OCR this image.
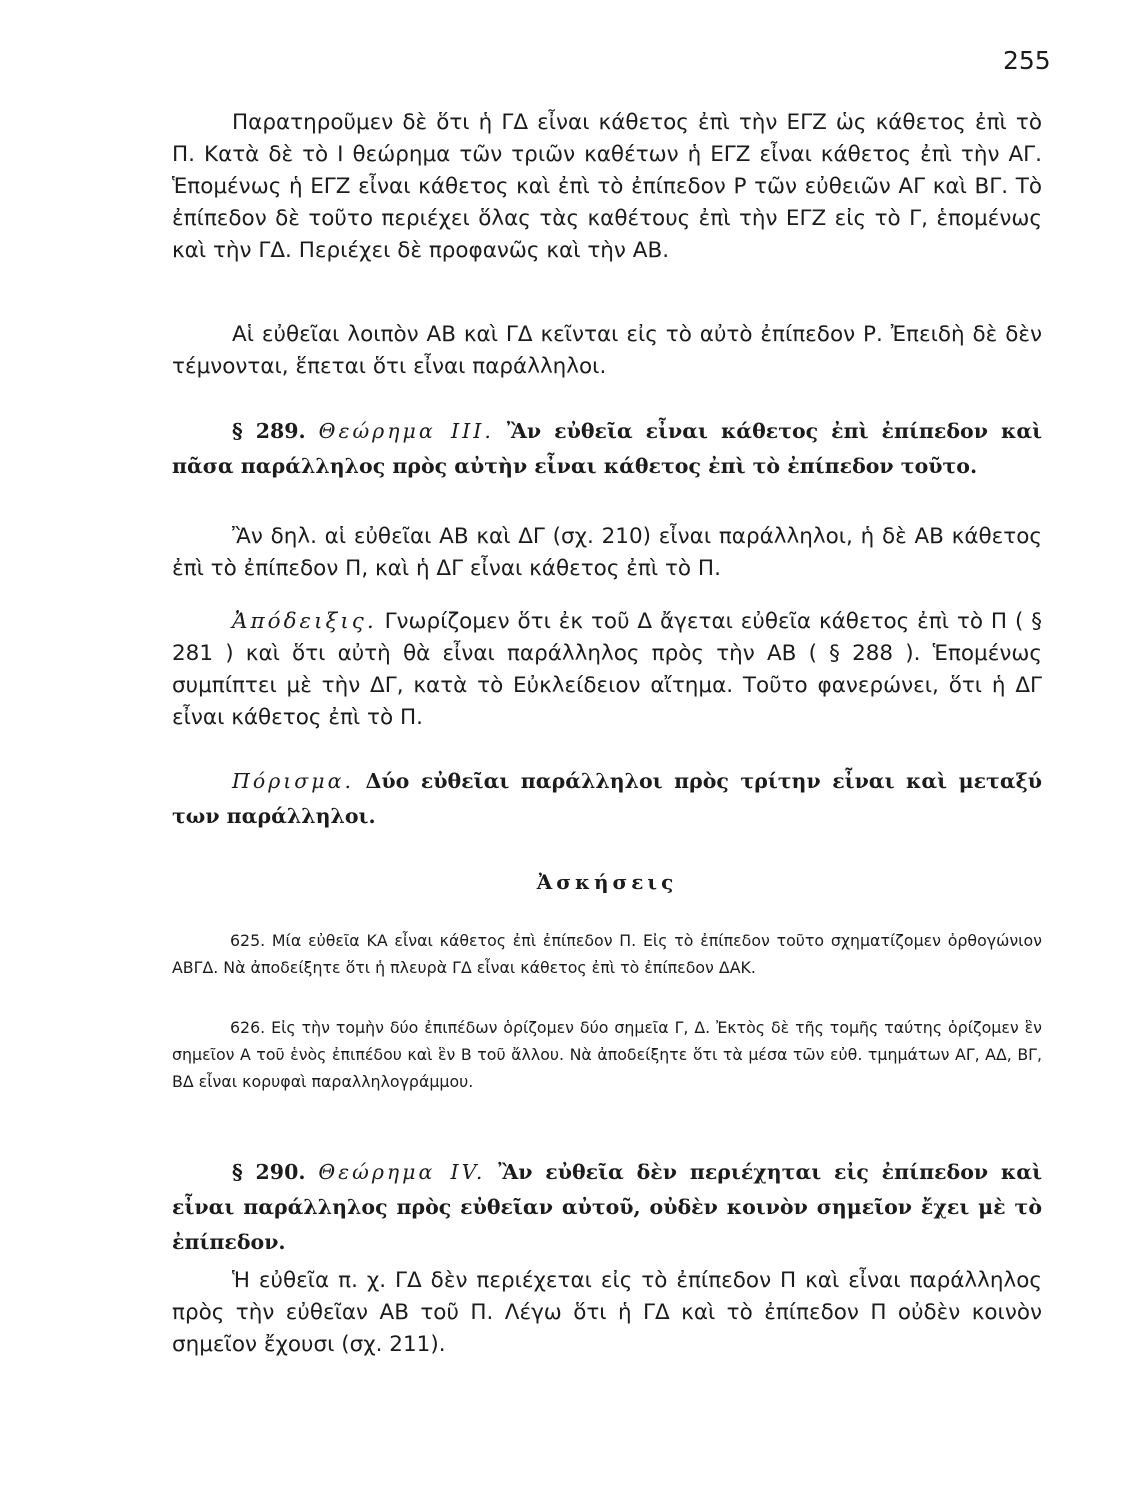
255

Παρατηροῦμεν δὲ ὅτι ἡ ΓΔ εἶναι κάθετος ἐπὶ τὴν ΕΓΖ ὡς κάθετος ἐπὶ τὸ Π. Κατὰ δὲ τὸ Ι θεώρημα τῶν τριῶν καθέτων ἡ ΕΓΖ εἶναι κάθετος ἐπὶ τὴν ΑΓ. Ἑπομένως ἡ ΕΓΖ εἶναι κάθετος καὶ ἐπὶ τὸ ἐπίπεδον Ρ τῶν εὐθειῶν ΑΓ καὶ ΒΓ. Τὸ ἐπίπεδον δὲ τοῦτο περιέχει ὅλας τὰς καθέτους ἐπὶ τὴν ΕΓΖ εἰς τὸ Γ, ἑπομένως καὶ τὴν ΓΔ. Περιέχει δὲ προφανῶς καὶ τὴν ΑΒ.

Αἱ εὐθεῖαι λοιπὸν ΑΒ καὶ ΓΔ κεῖνται εἰς τὸ αὐτὸ ἐπίπεδον Ρ. Ἐπειδὴ δὲ δὲν τέμνονται, ἕπεται ὅτι εἶναι παράλληλοι.

§ 289. Θεώρημα ΙΙΙ. Ἂν εὐθεῖα εἶναι κάθετος ἐπὶ ἐπίπεδον καὶ πᾶσα παράλληλος πρὸς αὐτὴν εἶναι κάθετος ἐπὶ τὸ ἐπίπεδον τοῦτο.

Ἂν δηλ. αἱ εὐθεῖαι ΑΒ καὶ ΔΓ (σχ. 210) εἶναι παράλληλοι, ἡ δὲ ΑΒ κάθετος ἐπὶ τὸ ἐπίπεδον Π, καὶ ἡ ΔΓ εἶναι κάθετος ἐπὶ τὸ Π.

Ἀπόδειξις. Γνωρίζομεν ὅτι ἐκ τοῦ Δ ἄγεται εὐθεῖα κάθετος ἐπὶ τὸ Π ( § 281 ) καὶ ὅτι αὐτὴ θὰ εἶναι παράλληλος πρὸς τὴν ΑΒ ( § 288 ). Ἑπομένως συμπίπτει μὲ τὴν ΔΓ, κατὰ τὸ Εὐκλείδειον αἴτημα. Τοῦτο φανερώνει, ὅτι ἡ ΔΓ εἶναι κάθετος ἐπὶ τὸ Π.

Πόρισμα. Δύο εὐθεῖαι παράλληλοι πρὸς τρίτην εἶναι καὶ μεταξύ των παράλληλοι.

Ἀσκήσεις

625. Μία εὐθεῖα ΚΑ εἶναι κάθετος ἐπὶ ἐπίπεδον Π. Εἰς τὸ ἐπίπεδον τοῦτο σχηματίζομεν ὀρθογώνιον ΑΒΓΔ. Νὰ ἀποδείξητε ὅτι ἡ πλευρὰ ΓΔ εἶναι κάθετος ἐπὶ τὸ ἐπίπεδον ΔΑΚ.

626. Εἰς τὴν τομὴν δύο ἐπιπέδων ὁρίζομεν δύο σημεῖα Γ, Δ. Ἐκτὸς δὲ τῆς τομῆς ταύτης ὁρίζομεν ἓν σημεῖον Α τοῦ ἑνὸς ἐπιπέδου καὶ ἓν Β τοῦ ἄλλου. Νὰ ἀποδείξητε ὅτι τὰ μέσα τῶν εὐθ. τμημάτων ΑΓ, ΑΔ, ΒΓ, ΒΔ εἶναι κορυφαὶ παραλληλογράμμου.

§ 290. Θεώρημα ΙV. Ἂν εὐθεῖα δὲν περιέχηται εἰς ἐπίπεδον καὶ εἶναι παράλληλος πρὸς εὐθεῖαν αὐτοῦ, οὐδὲν κοινὸν σημεῖον ἔχει μὲ τὸ ἐπίπεδον.

Ἡ εὐθεῖα π. χ. ΓΔ δὲν περιέχεται εἰς τὸ ἐπίπεδον Π καὶ εἶναι παράλληλος πρὸς τὴν εὐθεῖαν ΑΒ τοῦ Π. Λέγω ὅτι ἡ ΓΔ καὶ τὸ ἐπίπεδον Π οὐδὲν κοινὸν σημεῖον ἔχουσι (σχ. 211).
